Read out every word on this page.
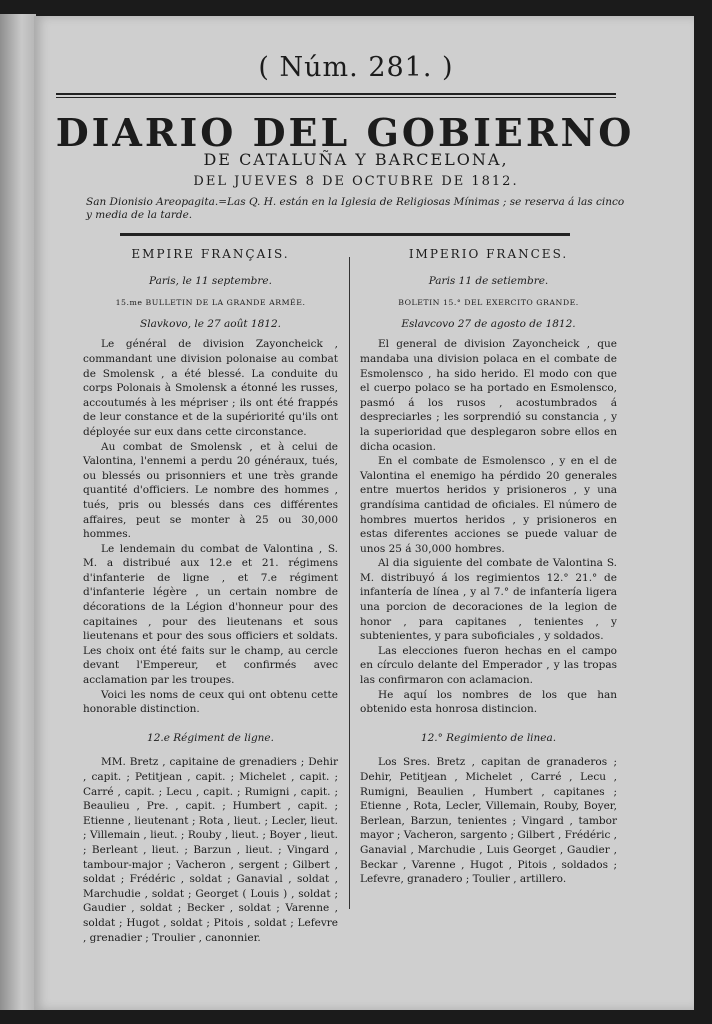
( Núm. 281. )
DIARIO DEL GOBIERNO
DE CATALUÑA Y BARCELONA,
DEL JUEVES 8 DE OCTUBRE DE 1812.
San Dionisio Areopagita.=Las Q. H. están en la Iglesia de Religiosas Mínimas ; se reserva á las cinco y media de la tarde.
EMPIRE FRANÇAIS.
Paris, le 11 septembre.
15.me BULLETIN DE LA GRANDE ARMÉE.
Slavkovo, le 27 août 1812.

Le général de division Zayoncheick , commandant une division polonaise au combat de Smolensk , a été blessé. La conduite du corps Polonais à Smolensk a étonné les russes, accoutumés à les mépriser ; ils ont été frappés de leur constance et de la supériorité qu'ils ont déployée sur eux dans cette circonstance.

Au combat de Smolensk , et à celui de Valontina, l'ennemi a perdu 20 généraux, tués, ou blessés ou prisonniers et une très grande quantité d'officiers. Le nombre des hommes , tués, pris ou blessés dans ces différentes affaires, peut se monter à 25 ou 30,000 hommes.

Le lendemain du combat de Valontina , S. M. a distribué aux 12.e et 21. régimens d'infanterie de ligne , et 7.e régiment d'infanterie légère , un certain nombre de décorations de la Légion d'honneur pour des capitaines , pour des lieutenans et sous lieutenans et pour des sous officiers et soldats. Les choix ont été faits sur le champ, au cercle devant l'Empereur, et confirmés avec acclamation par les troupes.

Voici les noms de ceux qui ont obtenu cette honorable distinction.

12.e Régiment de ligne.

MM. Bretz , capitaine de grenadiers ; Dehir , capit. ; Petitjean , capit. ; Michelet , capit. ; Carré , capit. ; Lecu , capit. ; Rumigni , capit. ; Beaulieu , Pre. , capit. ; Humbert , capit. ; Etienne , lieutenant ; Rota , lieut. ; Lecler, lieut. ; Villemain , lieut. ; Rouby , lieut. ; Boyer , lieut. ; Berleant , lieut. ; Barzun , lieut. ; Vingard , tambour-major ; Vacheron , sergent ; Gilbert , soldat ; Frédéric , soldat ; Ganavial , soldat , Marchudie , soldat ; Georget ( Louis ) , soldat ; Gaudier , soldat ; Becker , soldat ; Varenne , soldat ; Hugot , soldat ; Pitois , soldat ; Lefevre , grenadier ; Troulier , canonnier.

IMPERIO FRANCES.
Paris 11 de setiembre.
BOLETIN 15.° DEL EXERCITO GRANDE.
Eslavcovo 27 de agosto de 1812.

El general de division Zayoncheick , que mandaba una division polaca en el combate de Esmolensco , ha sido herido. El modo con que el cuerpo polaco se ha portado en Esmolensco, pasmó á los rusos , acostumbrados á despreciarles ; les sorprendió su constancia , y la superioridad que desplegaron sobre ellos en dicha ocasion.

En el combate de Esmolensco , y en el de Valontina el enemigo ha pérdido 20 generales entre muertos heridos y prisioneros , y una grandísima cantidad de oficiales. El número de hombres muertos heridos , y prisioneros en estas diferentes acciones se puede valuar de unos 25 á 30,000 hombres.

Al dia siguiente del combate de Valontina S. M. distribuyó á los regimientos 12.° 21.° de infantería de línea , y al 7.° de infantería ligera una porcion de decoraciones de la legion de honor , para capitanes , tenientes , y subtenientes, y para suboficiales , y soldados.

Las elecciones fueron hechas en el campo en círculo delante del Emperador , y las tropas las confirmaron con aclamacion.

He aquí los nombres de los que han obtenido esta honrosa distincion.

12.° Regimiento de linea.

Los Sres. Bretz , capitan de granaderos ; Dehir, Petitjean , Michelet , Carré , Lecu , Rumigni, Beaulien , Humbert , capitanes ; Etienne , Rota, Lecler, Villemain, Rouby, Boyer, Berlean, Barzun, tenientes ; Vingard , tambor mayor ; Vacheron, sargento ; Gilbert , Frédéric , Ganavial , Marchudie , Luis Georget , Gaudier , Beckar , Varenne , Hugot , Pitois , soldados ; Lefevre, granadero ; Toulier , artillero.
